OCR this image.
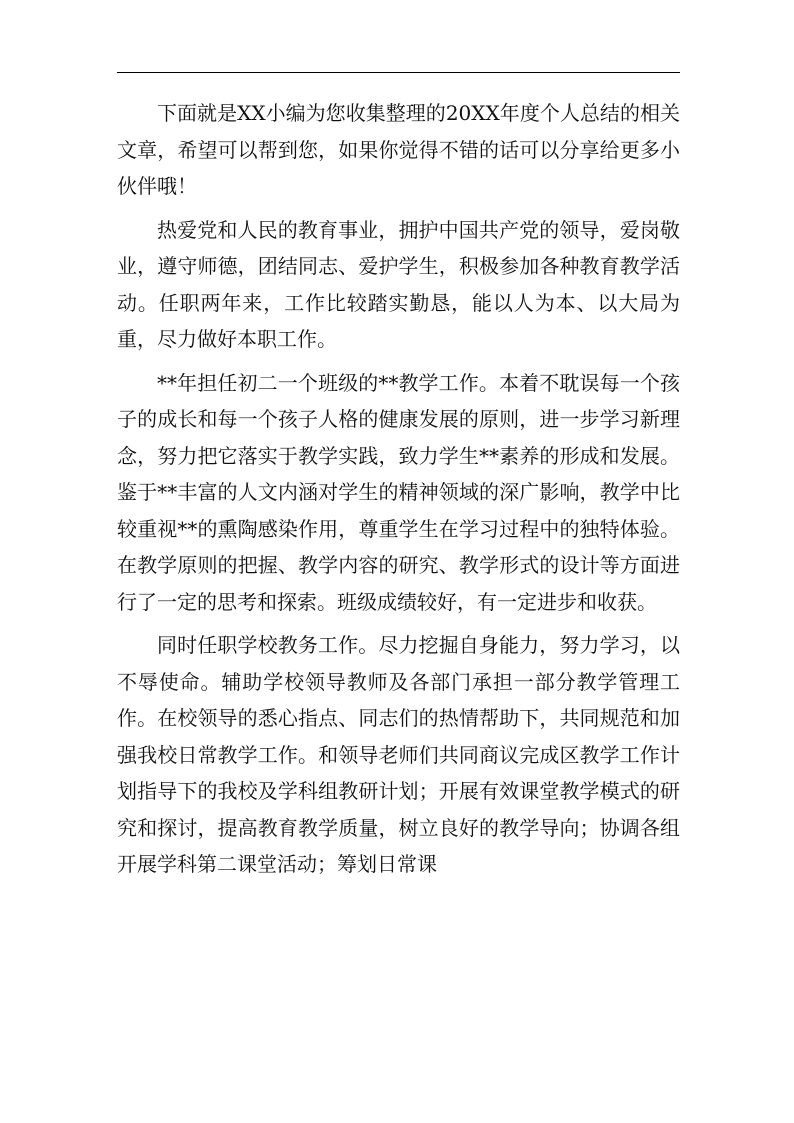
下面就是XX小编为您收集整理的20XX年度个人总结的相关文章，希望可以帮到您，如果你觉得不错的话可以分享给更多小伙伴哦！

热爱党和人民的教育事业，拥护中国共产党的领导，爱岗敬业，遵守师德，团结同志、爱护学生，积极参加各种教育教学活动。任职两年来，工作比较踏实勤恳，能以人为本、以大局为重，尽力做好本职工作。

**年担任初二一个班级的**教学工作。本着不耽误每一个孩子的成长和每一个孩子人格的健康发展的原则，进一步学习新理念，努力把它落实于教学实践，致力学生**素养的形成和发展。鉴于**丰富的人文内涵对学生的精神领域的深广影响，教学中比较重视**的熏陶感染作用，尊重学生在学习过程中的独特体验。在教学原则的把握、教学内容的研究、教学形式的设计等方面进行了一定的思考和探索。班级成绩较好，有一定进步和收获。

同时任职学校教务工作。尽力挖掘自身能力，努力学习，以不辱使命。辅助学校领导教师及各部门承担一部分教学管理工作。在校领导的悉心指点、同志们的热情帮助下，共同规范和加强我校日常教学工作。和领导老师们共同商议完成区教学工作计划指导下的我校及学科组教研计划；开展有效课堂教学模式的研究和探讨，提高教育教学质量，树立良好的教学导向；协调各组开展学科第二课堂活动；筹划日常课
